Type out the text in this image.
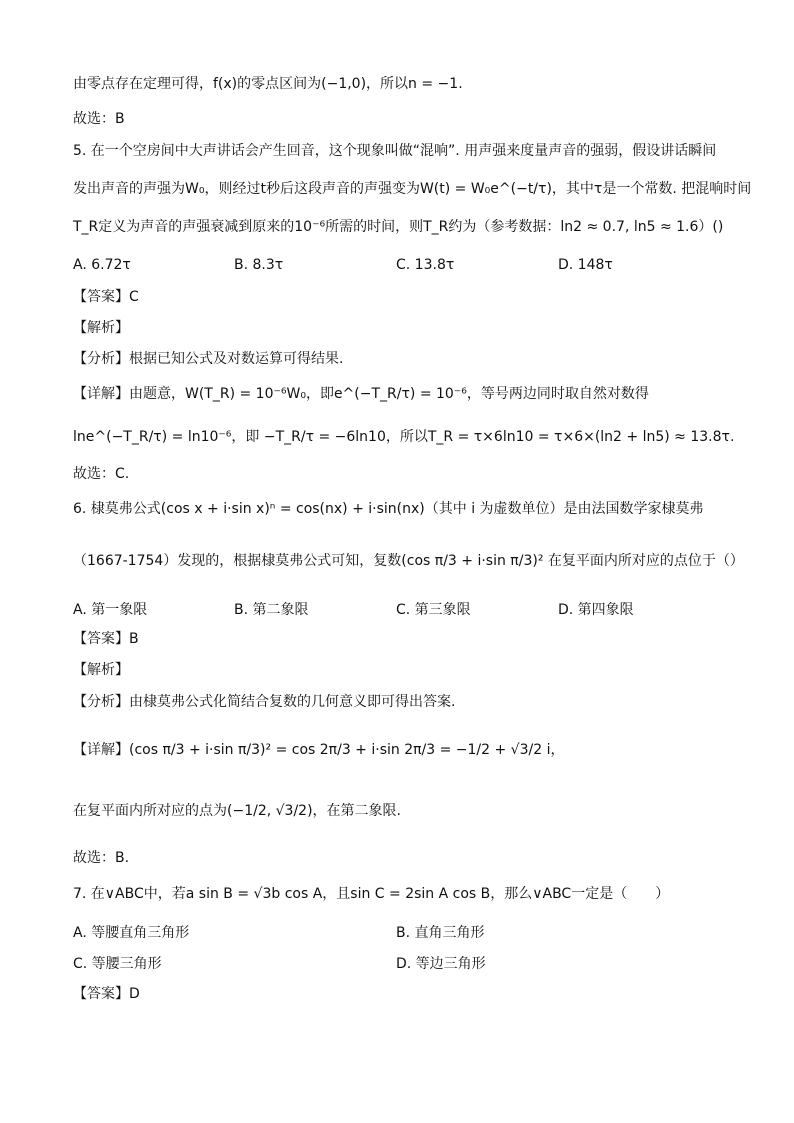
由零点存在定理可得，f(x)的零点区间为(−1,0)，所以n = −1.
故选：B
5. 在一个空房间中大声讲话会产生回音，这个现象叫做“混响”. 用声强来度量声音的强弱，假设讲话瞬间
发出声音的声强为W₀，则经过t秒后这段声音的声强变为W(t) = W₀e^(−t/τ)，其中τ是一个常数. 把混响时间
T_R定义为声音的声强衰减到原来的10⁻⁶所需的时间，则T_R约为（参考数据：ln2 ≈ 0.7, ln5 ≈ 1.6）()
A. 6.72τ	B. 8.3τ	C. 13.8τ	D. 148τ
【答案】C
【解析】
【分析】根据已知公式及对数运算可得结果.
【详解】由题意，W(T_R) = 10⁻⁶W₀，即e^(−T_R/τ) = 10⁻⁶，等号两边同时取自然对数得
lne^(−T_R/τ) = ln10⁻⁶，即 −T_R/τ = −6ln10，所以T_R = τ×6ln10 = τ×6×(ln2 + ln5) ≈ 13.8τ.
故选：C.
6. 棣莫弗公式(cos x + i·sin x)ⁿ = cos(nx) + i·sin(nx)（其中 i 为虚数单位）是由法国数学家棣莫弗
（1667-1754）发现的，根据棣莫弗公式可知，复数(cos π/3 + i·sin π/3)² 在复平面内所对应的点位于（）
A. 第一象限	B. 第二象限	C. 第三象限	D. 第四象限
【答案】B
【解析】
【分析】由棣莫弗公式化简结合复数的几何意义即可得出答案.
【详解】(cos π/3 + i·sin π/3)² = cos 2π/3 + i·sin 2π/3 = −1/2 + √3/2 i，
在复平面内所对应的点为(−1/2, √3/2)，在第二象限.
故选：B.
7. 在∨ABC中，若a sin B = √3b cos A，且sin C = 2sin A cos B，那么∨ABC一定是（　　）
A. 等腰直角三角形	B. 直角三角形
C. 等腰三角形	D. 等边三角形
【答案】D
